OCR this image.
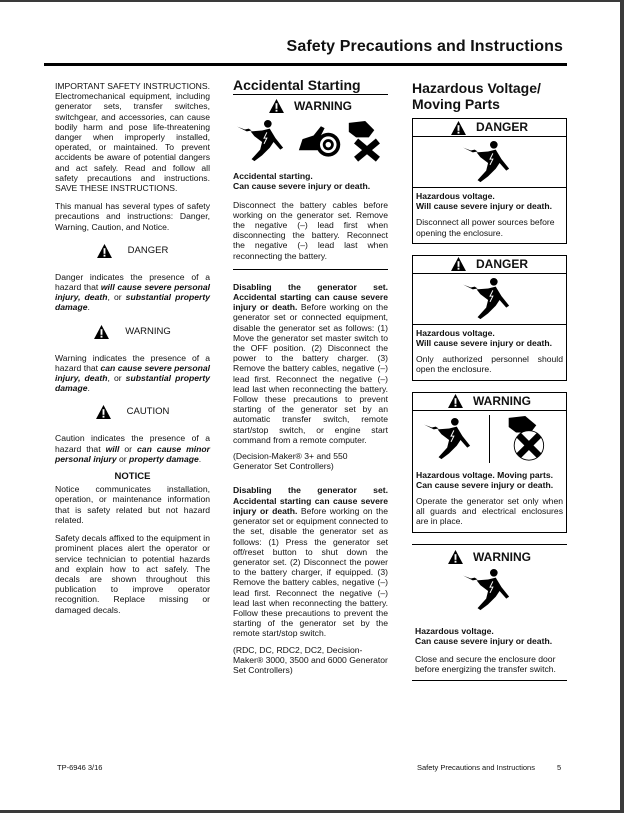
Safety Precautions and Instructions

IMPORTANT SAFETY INSTRUCTIONS. Electromechanical equipment, including generator sets, transfer switches, switchgear, and accessories, can cause bodily harm and pose life-threatening danger when improperly installed, operated, or maintained. To prevent accidents be aware of potential dangers and act safely. Read and follow all safety precautions and instructions. SAVE THESE INSTRUCTIONS.

This manual has several types of safety precautions and instructions: Danger, Warning, Caution, and Notice.

DANGER

Danger indicates the presence of a hazard that will cause severe personal injury, death, or substantial property damage.

WARNING

Warning indicates the presence of a hazard that can cause severe personal injury, death, or substantial property damage.

CAUTION

Caution indicates the presence of a hazard that will or can cause minor personal injury or property damage.

NOTICE

Notice communicates installation, operation, or maintenance information that is safety related but not hazard related.

Safety decals affixed to the equipment in prominent places alert the operator or service technician to potential hazards and explain how to act safely. The decals are shown throughout this publication to improve operator recognition. Replace missing or damaged decals.

Accidental Starting
WARNING
Accidental starting.
Can cause severe injury or death.

Disconnect the battery cables before working on the generator set. Remove the negative (–) lead first when disconnecting the battery. Reconnect the negative (–) lead last when reconnecting the battery.

Disabling the generator set. Accidental starting can cause severe injury or death. Before working on the generator set or connected equipment, disable the generator set as follows: (1) Move the generator set master switch to the OFF position. (2) Disconnect the power to the battery charger. (3) Remove the battery cables, negative (–) lead first. Reconnect the negative (–) lead last when reconnecting the battery. Follow these precautions to prevent starting of the generator set by an automatic transfer switch, remote start/stop switch, or engine start command from a remote computer.

(Decision-Maker® 3+ and 550 Generator Set Controllers)

Disabling the generator set. Accidental starting can cause severe injury or death. Before working on the generator set or equipment connected to the set, disable the generator set as follows: (1) Press the generator set off/reset button to shut down the generator set. (2) Disconnect the power to the battery charger, if equipped. (3) Remove the battery cables, negative (–) lead first. Reconnect the negative (–) lead last when reconnecting the battery. Follow these precautions to prevent the starting of the generator set by the remote start/stop switch.

(RDC, DC, RDC2, DC2, Decision-Maker® 3000, 3500 and 6000 Generator Set Controllers)

Hazardous Voltage/ Moving Parts
DANGER
Hazardous voltage.

Will cause severe injury or death.

Disconnect all power sources before opening the enclosure.

DANGER
Hazardous voltage.

Will cause severe injury or death.

Only authorized personnel should open the enclosure.

WARNING
Hazardous voltage. Moving parts.

Can cause severe injury or death.

Operate the generator set only when all guards and electrical enclosures are in place.

WARNING
Hazardous voltage.

Can cause severe injury or death.

Close and secure the enclosure door before energizing the transfer switch.

TP-6946 3/16	Safety Precautions and Instructions	5
